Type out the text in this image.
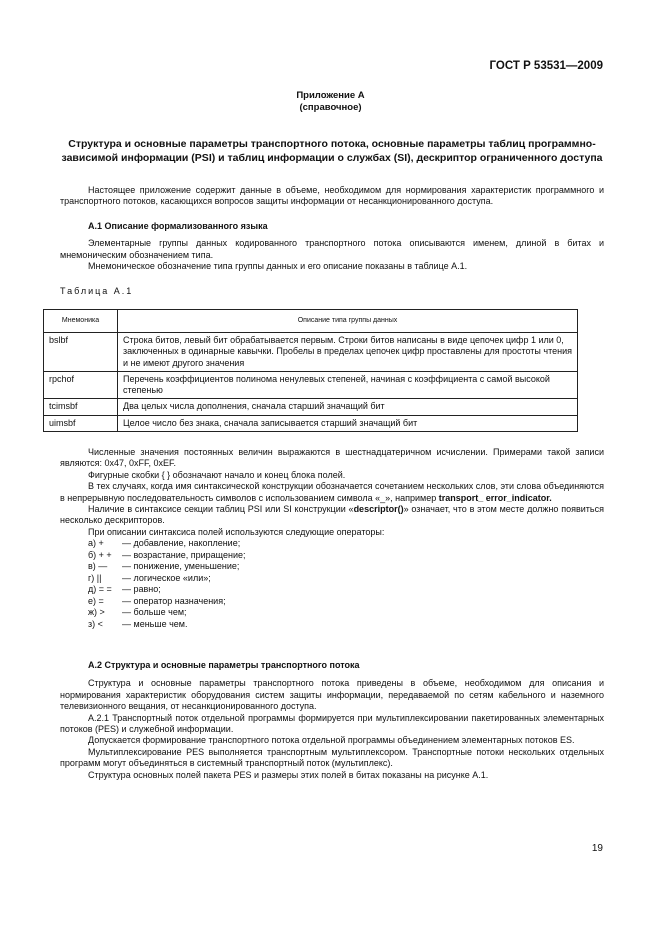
ГОСТ Р 53531—2009
Приложение А
(справочное)
Структура и основные параметры транспортного потока, основные параметры таблиц программно-зависимой информации (PSI) и таблиц информации о службах (SI), дескриптор ограниченного доступа

Настоящее приложение содержит данные в объеме, необходимом для нормирования характеристик программного и транспортного потоков, касающихся вопросов защиты информации от несанкционированного доступа.

А.1 Описание формализованного языка

Элементарные группы данных кодированного транспортного потока описываются именем, длиной в битах и мнемоническим обозначением типа.

Мнемоническое обозначение типа группы данных и его описание показаны в таблице А.1.

Таблица А.1
Мнемоника	Описание типа группы данных
bslbf	Строка битов, левый бит обрабатывается первым. Строки битов написаны в виде цепочек цифр 1 или 0, заключенных в одинарные кавычки. Пробелы в пределах цепочек цифр проставлены для простоты чтения и не имеют другого значения
rpchof	Перечень коэффициентов полинома ненулевых степеней, начиная с коэффициента с самой высокой степенью
tcimsbf	Два целых числа дополнения, сначала старший значащий бит
uimsbf	Целое число без знака, сначала записывается старший значащий бит

Численные значения постоянных величин выражаются в шестнадцатеричном исчислении. Примерами такой записи являются: 0x47, 0xFF, 0xEF.

Фигурные скобки { } обозначают начало и конец блока полей.

В тех случаях, когда имя синтаксической конструкции обозначается сочетанием нескольких слов, эти слова объединяются в непрерывную последовательность символов с использованием символа «_», например transport_ error_indicator.

Наличие в синтаксисе секции таблиц PSI или SI конструкции «descriptor()» означает, что в этом месте должно появиться несколько дескрипторов.

При описании синтаксиса полей используются следующие операторы:

а) +	— добавление, накопление;
б) + +	— возрастание, приращение;
в) —	— понижение, уменьшение;
г) ||	— логическое «или»;
д) = =	— равно;
е) =	— оператор назначения;
ж) >	— больше чем;
з) <	— меньше чем.

А.2 Структура и основные параметры транспортного потока

Структура и основные параметры транспортного потока приведены в объеме, необходимом для описания и нормирования характеристик оборудования систем защиты информации, передаваемой по сетям кабельного и наземного телевизионного вещания, от несанкционированного доступа.

А.2.1 Транспортный поток отдельной программы формируется при мультиплексировании пакетированных элементарных потоков (PES) и служебной информации.

Допускается формирование транспортного потока отдельной программы объединением элементарных потоков ES.

Мультиплексирование PES выполняется транспортным мультиплексором. Транспортные потоки нескольких отдельных программ могут объединяться в системный транспортный поток (мультиплекс).

Структура основных полей пакета PES и размеры этих полей в битах показаны на рисунке А.1.

19
